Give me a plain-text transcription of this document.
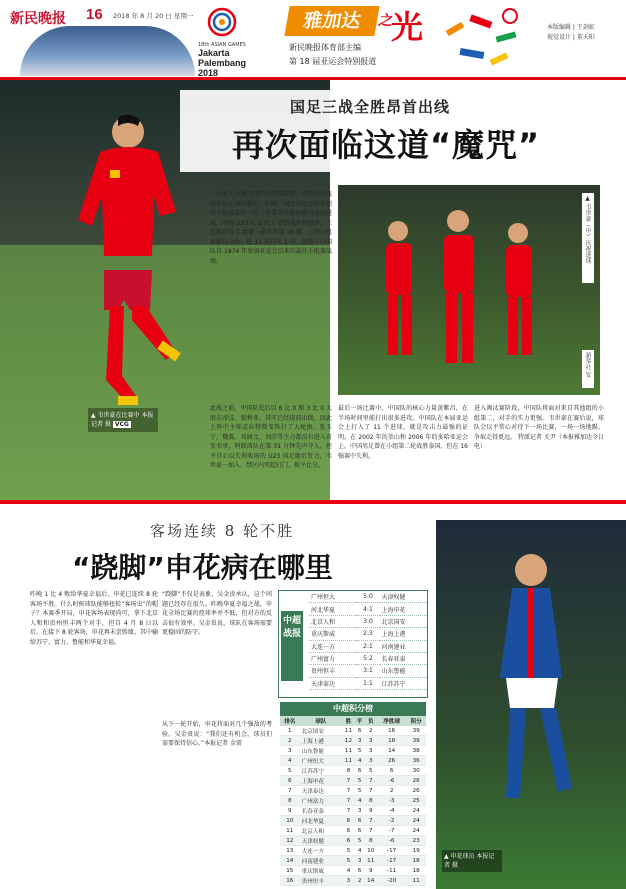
新民晚报 16 2018 年 8 月 20 日 星期一
18th ASIAN GAMES
Jakarta Palembang 2018
雅加达	之 光
新民晚报体育部主编
第 18 届亚运会特别报道
本版编辑 | 王剑虹
视觉设计 | 董天阳
▲ 韦世豪在比赛中 本报记者 摄 VCG
国足三战全胜昂首出线
再次面临这道“魔咒”
一向被人当做“实料”的中国足球，在国内的表现却让人刮目相看。昨晚，国足亚运会男足项目小组赛最后一轮，依靠韦世豪和姚均晟的进球，中国 U23 队 2 比 1 逆转战胜阿联酋，三连胜后以 C 组第一昂首晋级 16 强。三场小组赛踢得全胜，进 11 球只失 1 球，创造了中国队自 1974 年参加亚运会以来的最佳小组赛战绩。	▲ 韦世豪（中）庆祝进球
新华社 发
此战之前，中国队先后以 6 比 0 和 3 比 0 大胜东帝汶、叙利亚，其实已经提前出线，因此上阵中主帅孟拉特斯变阵打了大轮换，张玉宁、魏震、邓涵文、刘洋等主力都没有进入首发名单。阿联酋队在第 31 分钟先声夺人，但不甘心以失利收场的 U23 国足随后发力，韦世豪一加入，禁区内突起打门，扳平比分。
最后一场比赛中，中国队的核心力量黄紫昌，在半场时间里能打出很多进攻。中国队在本届亚运会上打入了 11 个进球，就是攻击力最强的证明。在 2002 年的釜山和 2006 年的多哈亚运会上，中国男足曾在小组第二轮战胜泰国，但在 16 强赛中失利。
进入淘汰赛阶段，中国队将面对来自其他组的小组第二，对手的实力更强。韦世豪在赛后说，球队会以平常心对待下一场比赛，一场一场地踢，争取走得更远。 特派记者 关尹（本报雅加达今日电）
客场连续 8 轮不胜
“跷脚”申花病在哪里
昨晚 1 比 4 败给华夏幸福后，申花已连续 8 轮客场不胜。什么时候球队能够扭转“客场虫”的帽子？本赛季开局，申花客场表现尚可，拿下北京人和和贵州恒丰两个对手，但自 4 月 8 日以后，在接下 8 轮客场，申花再未尝胜绩，其中输给苏宁、富力、鲁能和华夏幸福。
“跷脚”不仅是表象，吴金贵承认，这个问题已经存在很久。昨晚华夏幸福之战，申花全场比赛的控球率并不低，但对方的反击很有效率。吴金贵说，球队在客场需要更稳固的防守。
从下一轮开始，申花将面对几个强敌的考验。吴金贵说：“我们还有机会，球员们需要保持信心。”本报记者 金雷
中超战报
广州恒大	5:0	天津权健
河北华夏	4:1	上海申花
北京人和	3:0	北京国安
重庆斯威	2:3	上海上港
大连一方	2:1	河南建业
广州富力	5:2	长春亚泰
贵州恒丰	3:1	山东鲁能
天津泰达	1:1	江苏苏宁
中超积分榜
排名	球队	胜	平	负	净胜球	积分
1	北京国安	11	6	2	16	39
2	上海上港	12	3	3	18	39
3	山东鲁能	11	5	3	14	38
4	广州恒大	11	4	3	26	36
5	江苏苏宁	8	6	5	6	30
6	上海申花	7	5	7	-6	26
7	天津泰达	7	5	7	2	26
8	广州富力	7	4	8	-3	25
9	长春亚泰	7	3	9	-4	24
10	河北华夏	6	6	7	-2	24
11	北京人和	6	6	7	-7	24
12	天津权健	6	5	8	-6	23
13	大连一方	5	4	10	-17	19
14	河南建业	5	3	11	-17	18
15	重庆斯威	4	6	9	-11	18
16	贵州恒丰	3	2	14	-20	11
▲ 申花球员 本报记者 摄
